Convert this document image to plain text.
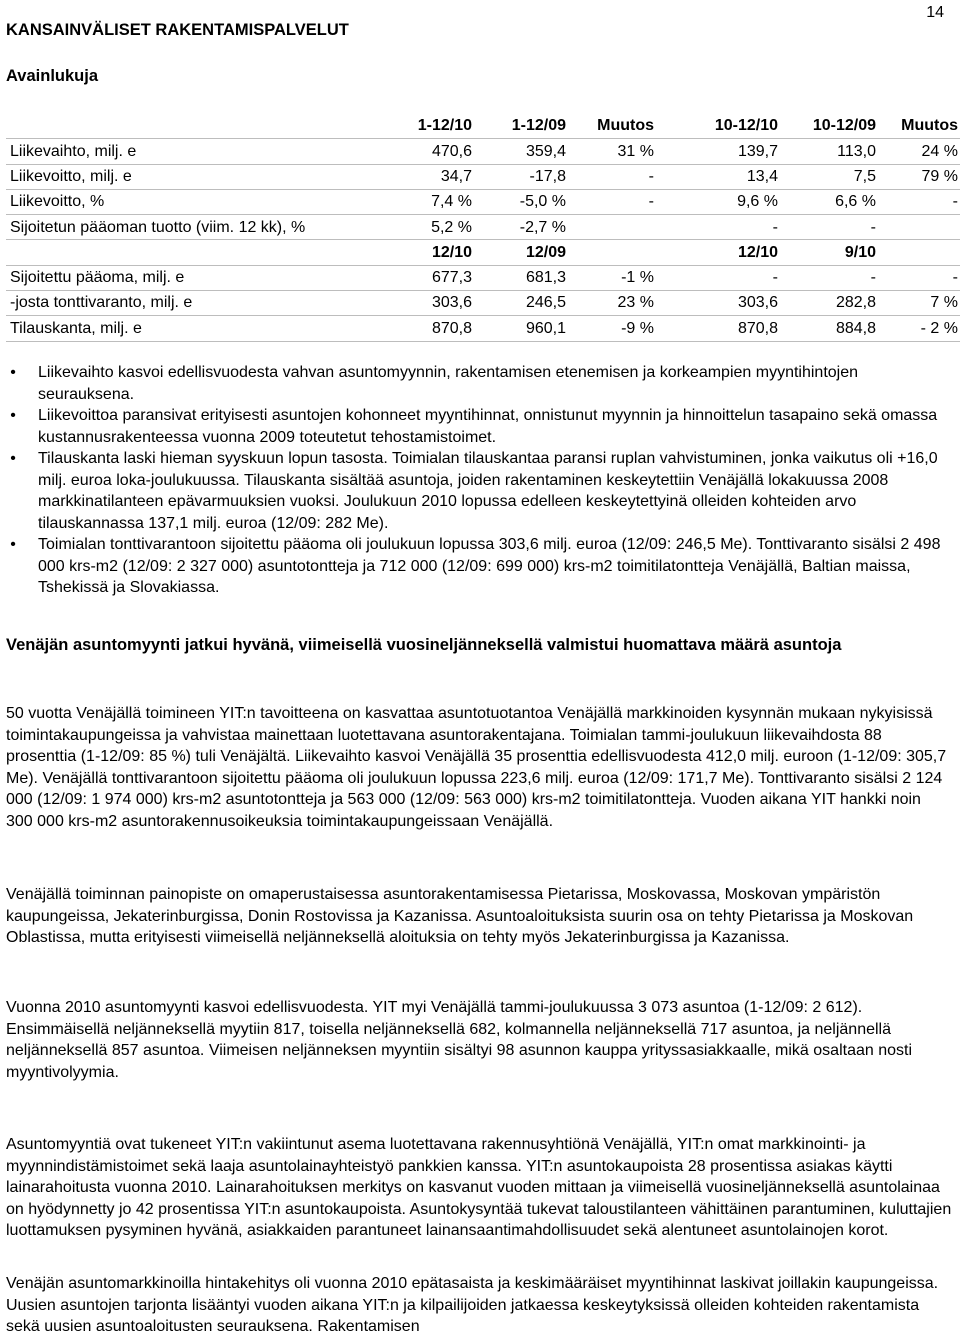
14
KANSAINVÄLISET RAKENTAMISPALVELUT
Avainlukuja
	1-12/10	1-12/09	Muutos	10-12/10	10-12/09	Muutos
Liikevaihto, milj. e	470,6	359,4	31 %	139,7	113,0	24 %
Liikevoitto, milj. e	34,7	-17,8	-	13,4	7,5	79 %
Liikevoitto, %	7,4 %	-5,0 %	-	9,6 %	6,6 %	-
Sijoitetun pääoman tuotto (viim. 12 kk), %	5,2 %	-2,7 %		-	-	
	12/10	12/09		12/10	9/10	
Sijoitettu pääoma, milj. e	677,3	681,3	-1 %	-	-	-
-josta tonttivaranto, milj. e	303,6	246,5	23 %	303,6	282,8	7 %
Tilauskanta, milj. e	870,8	960,1	-9 %	870,8	884,8	- 2 %
• Liikevaihto kasvoi edellisvuodesta vahvan asuntomyynnin, rakentamisen etenemisen ja korkeampien myyntihintojen seurauksena.
• Liikevoittoa paransivat erityisesti asuntojen kohonneet myyntihinnat, onnistunut myynnin ja hinnoittelun tasapaino sekä omassa kustannusrakenteessa vuonna 2009 toteutetut tehostamistoimet.
• Tilauskanta laski hieman syyskuun lopun tasosta. Toimialan tilauskantaa paransi ruplan vahvistuminen, jonka vaikutus oli +16,0 milj. euroa loka-joulukuussa. Tilauskanta sisältää asuntoja, joiden rakentaminen keskeytettiin Venäjällä lokakuussa 2008 markkinatilanteen epävarmuuksien vuoksi. Joulukuun 2010 lopussa edelleen keskeytettyinä olleiden kohteiden arvo tilauskannassa 137,1 milj. euroa (12/09: 282 Me).
• Toimialan tonttivarantoon sijoitettu pääoma oli joulukuun lopussa 303,6 milj. euroa (12/09: 246,5 Me). Tonttivaranto sisälsi 2 498 000 krs-m2 (12/09: 2 327 000) asuntotontteja ja 712 000 (12/09: 699 000) krs-m2 toimitilatontteja Venäjällä, Baltian maissa, Tshekissä ja Slovakiassa.
Venäjän asuntomyynti jatkui hyvänä, viimeisellä vuosineljänneksellä valmistui huomattava määrä asuntoja

50 vuotta Venäjällä toimineen YIT:n tavoitteena on kasvattaa asuntotuotantoa Venäjällä markkinoiden kysynnän mukaan nykyisissä toimintakaupungeissa ja vahvistaa mainettaan luotettavana asuntorakentajana. Toimialan tammi-joulukuun liikevaihdosta 88 prosenttia (1-12/09: 85 %) tuli Venäjältä. Liikevaihto kasvoi Venäjällä 35 prosenttia edellisvuodesta 412,0 milj. euroon (1-12/09: 305,7 Me). Venäjällä tonttivarantoon sijoitettu pääoma oli joulukuun lopussa 223,6 milj. euroa (12/09: 171,7 Me). Tonttivaranto sisälsi 2 124 000 (12/09: 1 974 000) krs-m2 asuntotontteja ja 563 000 (12/09: 563 000) krs-m2 toimitilatontteja. Vuoden aikana YIT hankki noin 300 000 krs-m2 asuntorakennusoikeuksia toimintakaupungeissaan Venäjällä.

Venäjällä toiminnan painopiste on omaperustaisessa asuntorakentamisessa Pietarissa, Moskovassa, Moskovan ympäristön kaupungeissa, Jekaterinburgissa, Donin Rostovissa ja Kazanissa. Asuntoaloituksista suurin osa on tehty Pietarissa ja Moskovan Oblastissa, mutta erityisesti viimeisellä neljänneksellä aloituksia on tehty myös Jekaterinburgissa ja Kazanissa.

Vuonna 2010 asuntomyynti kasvoi edellisvuodesta. YIT myi Venäjällä tammi-joulukuussa 3 073 asuntoa (1-12/09: 2 612). Ensimmäisellä neljänneksellä myytiin 817, toisella neljänneksellä 682, kolmannella neljänneksellä 717 asuntoa, ja neljännellä neljänneksellä 857 asuntoa. Viimeisen neljänneksen myyntiin sisältyi 98 asunnon kauppa yrityssasiakkaalle, mikä osaltaan nosti myyntivolyymia.

Asuntomyyntiä ovat tukeneet YIT:n vakiintunut asema luotettavana rakennusyhtiönä Venäjällä, YIT:n omat markkinointi- ja myynnindistämistoimet sekä laaja asuntolainayhteistyö pankkien kanssa. YIT:n asuntokaupoista 28 prosentissa asiakas käytti lainarahoitusta vuonna 2010. Lainarahoituksen merkitys on kasvanut vuoden mittaan ja viimeisellä vuosineljänneksellä asuntolainaa on hyödynnetty jo 42 prosentissa YIT:n asuntokaupoista. Asuntokysyntää tukevat taloustilanteen vähittäinen parantuminen, kuluttajien luottamuksen pysyminen hyvänä, asiakkaiden parantuneet lainansaantimahdollisuudet sekä alentuneet asuntolainojen korot.

Venäjän asuntomarkkinoilla hintakehitys oli vuonna 2010 epätasaista ja keskimääräiset myyntihinnat laskivat joillakin kaupungeissa. Uusien asuntojen tarjonta lisääntyi vuoden aikana YIT:n ja kilpailijoiden jatkaessa keskeytyksissä olleiden kohteiden rakentamista sekä uusien asuntoaloitusten seurauksena. Rakentamisen
